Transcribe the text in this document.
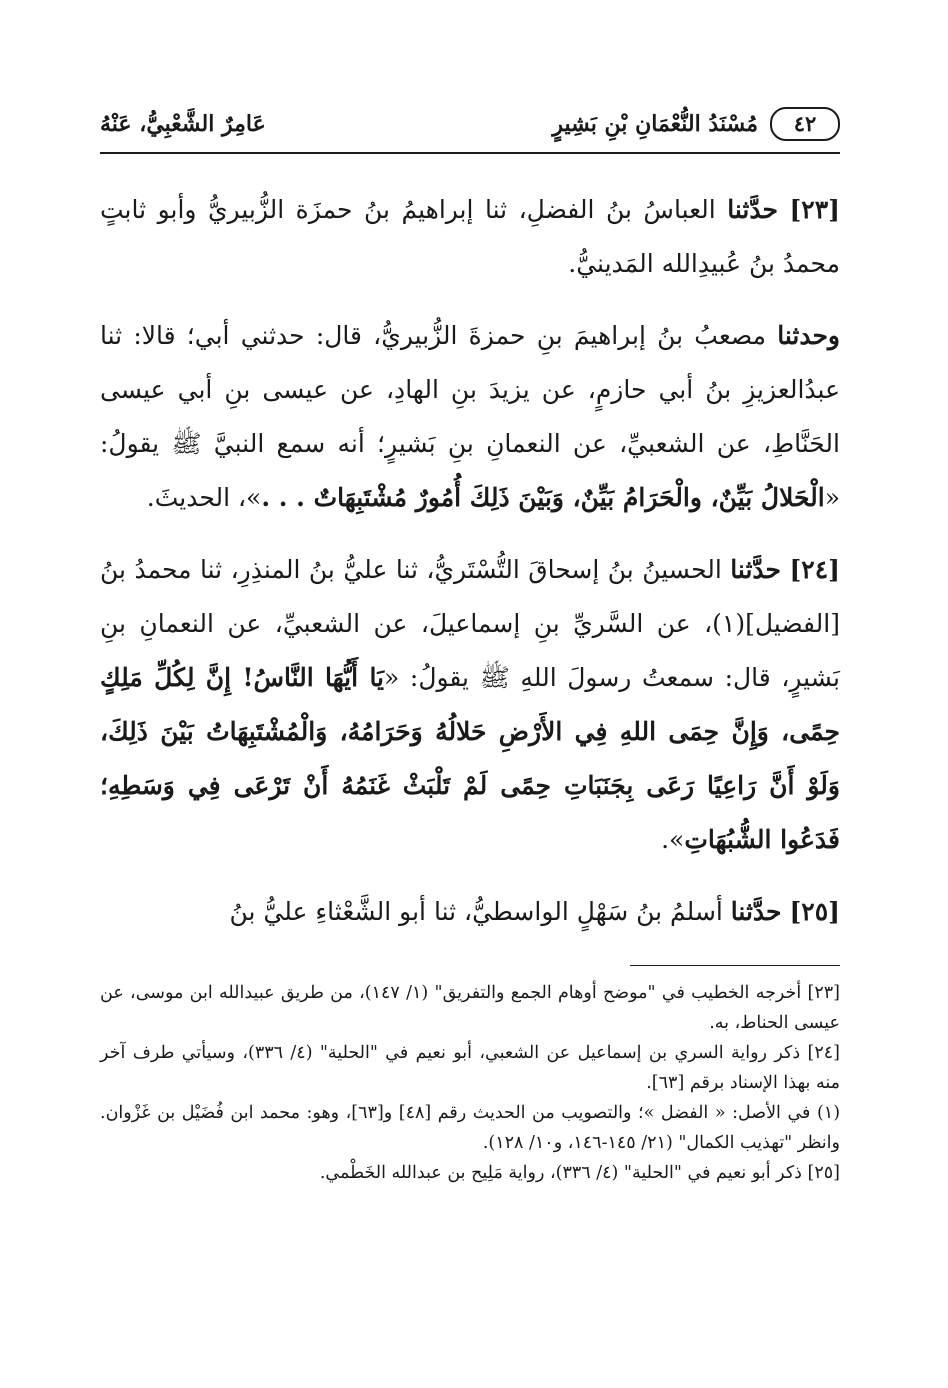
٤٢
مُسْنَدُ النُّعْمَانِ بْنِ بَشِيرٍ
عَامِرٌ الشَّعْبِيُّ، عَنْهُ

[٢٣] حدَّثنا العباسُ بنُ الفضلِ، ثنا إبراهيمُ بنُ حمزَة الزُّبيريُّ وأبو ثابتٍ محمدُ بنُ عُبيدِالله المَدينيُّ.

وحدثنا مصعبُ بنُ إبراهيمَ بنِ حمزةَ الزُّبيريُّ، قال: حدثني أبي؛ قالا: ثنا عبدُالعزيزِ بنُ أبي حازمٍ، عن يزيدَ بنِ الهادِ، عن عيسى بنِ أبي عيسى الحَنَّاطِ، عن الشعبيِّ، عن النعمانِ بنِ بَشيرٍ؛ أنه سمع النبيَّ ﷺ يقولُ: «الْحَلالُ بَيِّنٌ، والْحَرَامُ بَيِّنٌ، وَبَيْنَ ذَلِكَ أُمُورٌ مُشْتَبِهَاتٌ . . .»، الحديثَ.

[٢٤] حدَّثنا الحسينُ بنُ إسحاقَ التُّسْتَريُّ، ثنا عليُّ بنُ المنذِرِ، ثنا محمدُ بنُ [الفضيل](١)، عن السَّريِّ بنِ إسماعيلَ، عن الشعبيِّ، عن النعمانِ بنِ بَشيرٍ، قال: سمعتُ رسولَ اللهِ ﷺ يقولُ: «يَا أَيُّهَا النَّاسُ! إِنَّ لِكُلِّ مَلِكٍ حِمًى، وَإِنَّ حِمَى اللهِ فِي الأَرْضِ حَلالُهُ وَحَرَامُهُ، وَالْمُشْتَبِهَاتُ بَيْنَ ذَلِكَ، وَلَوْ أَنَّ رَاعِيًا رَعَى بِجَنَبَاتِ حِمًى لَمْ تَلْبَثْ غَنَمُهُ أَنْ تَرْعَى فِي وَسَطِهِ؛ فَدَعُوا الشُّبُهَاتِ».

[٢٥] حدَّثنا أسلمُ بنُ سَهْلٍ الواسطيُّ، ثنا أبو الشَّعْثاءِ عليُّ بنُ

[٢٣] أخرجه الخطيب في "موضح أوهام الجمع والتفريق" (١/ ١٤٧)، من طريق عبيدالله ابن موسى، عن عيسى الحناط، به.

[٢٤] ذكر رواية السري بن إسماعيل عن الشعبي، أبو نعيم في "الحلية" (٤/ ٣٣٦)، وسيأتي طرف آخر منه بهذا الإسناد برقم [٦٣].

(١) في الأصل: « الفضل »؛ والتصويب من الحديث رقم [٤٨] و[٦٣]، وهو: محمد ابن فُضَيْل بن غَزْوان. وانظر "تهذيب الكمال" (٢١/ ١٤٥-١٤٦، و١٠/ ١٢٨).

[٢٥] ذكر أبو نعيم في "الحلية" (٤/ ٣٣٦)، رواية مَلِيح بن عبدالله الخَطْمي.
